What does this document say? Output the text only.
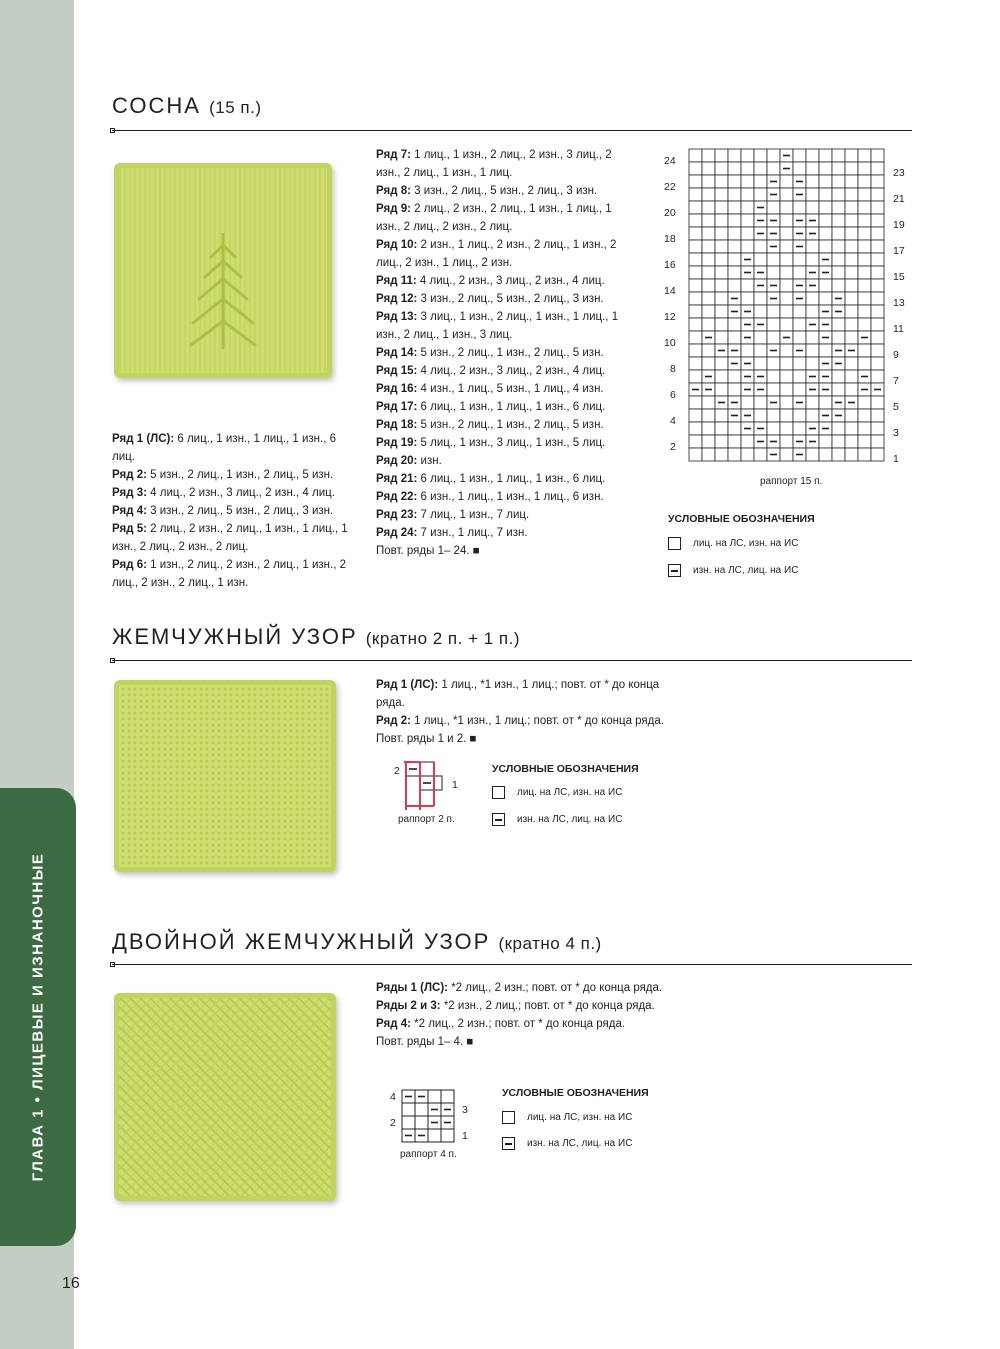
ГЛАВА 1 • ЛИЦЕВЫЕ И ИЗНАНОЧНЫЕ
16
СОСНА (15 п.)

Ряд 1 (ЛС): 6 лиц., 1 изн., 1 лиц., 1 изн., 6 лиц.

Ряд 2: 5 изн., 2 лиц., 1 изн., 2 лиц., 5 изн.

Ряд 3: 4 лиц., 2 изн., 3 лиц., 2 изн., 4 лиц.

Ряд 4: 3 изн., 2 лиц., 5 изн., 2 лиц., 3 изн.

Ряд 5: 2 лиц., 2 изн., 2 лиц., 1 изн., 1 лиц., 1 изн., 2 лиц., 2 изн., 2 лиц.

Ряд 6: 1 изн., 2 лиц., 2 изн., 2 лиц., 1 изн., 2 лиц., 2 изн., 2 лиц., 1 изн.

Ряд 7: 1 лиц., 1 изн., 2 лиц., 2 изн., 3 лиц., 2 изн., 2 лиц., 1 изн., 1 лиц.

Ряд 8: 3 изн., 2 лиц., 5 изн., 2 лиц., 3 изн.

Ряд 9: 2 лиц., 2 изн., 2 лиц., 1 изн., 1 лиц., 1 изн., 2 лиц., 2 изн., 2 лиц.

Ряд 10: 2 изн., 1 лиц., 2 изн., 2 лиц., 1 изн., 2 лиц., 2 изн., 1 лиц., 2 изн.

Ряд 11: 4 лиц., 2 изн., 3 лиц., 2 изн., 4 лиц.

Ряд 12: 3 изн., 2 лиц., 5 изн., 2 лиц., 3 изн.

Ряд 13: 3 лиц., 1 изн., 2 лиц., 1 изн., 1 лиц., 1 изн., 2 лиц., 1 изн., 3 лиц.

Ряд 14: 5 изн., 2 лиц., 1 изн., 2 лиц., 5 изн.

Ряд 15: 4 лиц., 2 изн., 3 лиц., 2 изн., 4 лиц.

Ряд 16: 4 изн., 1 лиц., 5 изн., 1 лиц., 4 изн.

Ряд 17: 6 лиц., 1 изн., 1 лиц., 1 изн., 6 лиц.

Ряд 18: 5 изн., 2 лиц., 1 изн., 2 лиц., 5 изн.

Ряд 19: 5 лиц., 1 изн., 3 лиц., 1 изн., 5 лиц.

Ряд 20: изн.

Ряд 21: 6 лиц., 1 изн., 1 лиц., 1 изн., 6 лиц.

Ряд 22: 6 изн., 1 лиц., 1 изн., 1 лиц., 6 изн.

Ряд 23: 7 лиц., 1 изн., 7 лиц.

Ряд 24: 7 изн., 1 лиц., 7 изн.

Повт. ряды 1– 24. ■

24
22
20
18
16
14
12
10
8
6
4
2
23
21
19
17
15
13
11
9
7
5
3
1
раппорт 15 п.
УСЛОВНЫЕ ОБОЗНАЧЕНИЯ
лиц. на ЛС, изн. на ИС
изн. на ЛС, лиц. на ИС
ЖЕМЧУЖНЫЙ УЗОР (кратно 2 п. + 1 п.)

Ряд 1 (ЛС): 1 лиц., *1 изн., 1 лиц.; повт. от * до конца ряда.

Ряд 2: 1 лиц., *1 изн., 1 лиц.; повт. от * до конца ряда.

Повт. ряды 1 и 2. ■

2
1
раппорт 2 п.
УСЛОВНЫЕ ОБОЗНАЧЕНИЯ
лиц. на ЛС, изн. на ИС
изн. на ЛС, лиц. на ИС
ДВОЙНОЙ ЖЕМЧУЖНЫЙ УЗОР (кратно 4 п.)

Ряды 1 (ЛС): *2 лиц., 2 изн.; повт. от * до конца ряда.

Ряды 2 и 3: *2 изн., 2 лиц.; повт. от * до конца ряда.

Ряд 4: *2 лиц., 2 изн.; повт. от * до конца ряда.

Повт. ряды 1– 4. ■

4
3
2
1
раппорт 4 п.
УСЛОВНЫЕ ОБОЗНАЧЕНИЯ
лиц. на ЛС, изн. на ИС
изн. на ЛС, лиц. на ИС
